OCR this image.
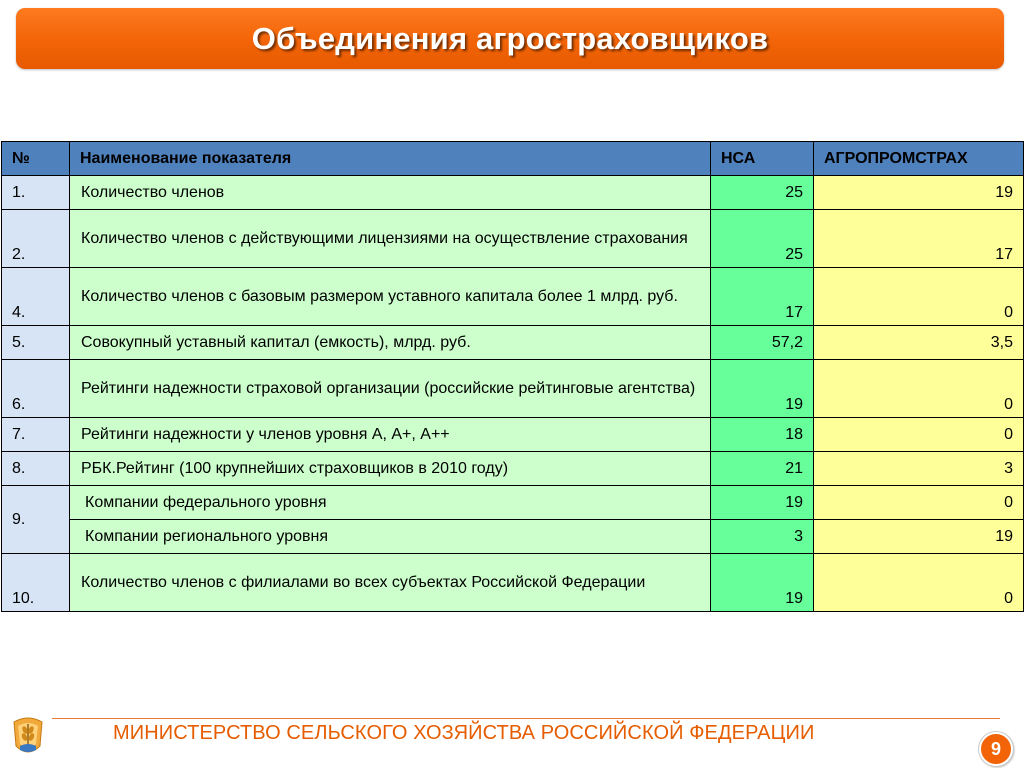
Объединения агростраховщиков
№	Наименование показателя	НСА	АГРОПРОМСТРАХ
1.	Количество членов	25	19
2.	Количество членов с действующими лицензиями на осуществление страхования	25	17
4.	Количество членов с базовым размером уставного капитала более 1 млрд. руб.	17	0
5.	Совокупный уставный капитал (емкость), млрд. руб.	57,2	3,5
6.	Рейтинги надежности страховой организации (российские рейтинговые агентства)	19	0
7.	Рейтинги надежности у членов уровня А, А+, А++	18	0
8.	РБК.Рейтинг (100 крупнейших страховщиков в 2010 году)	21	3
9.	Компании федерального уровня	19	0
	Компании регионального уровня	3	19
10.	Количество членов с филиалами во всех субъектах Российской Федерации	19	0
МИНИСТЕРСТВО СЕЛЬСКОГО ХОЗЯЙСТВА РОССИЙСКОЙ ФЕДЕРАЦИИ
9
